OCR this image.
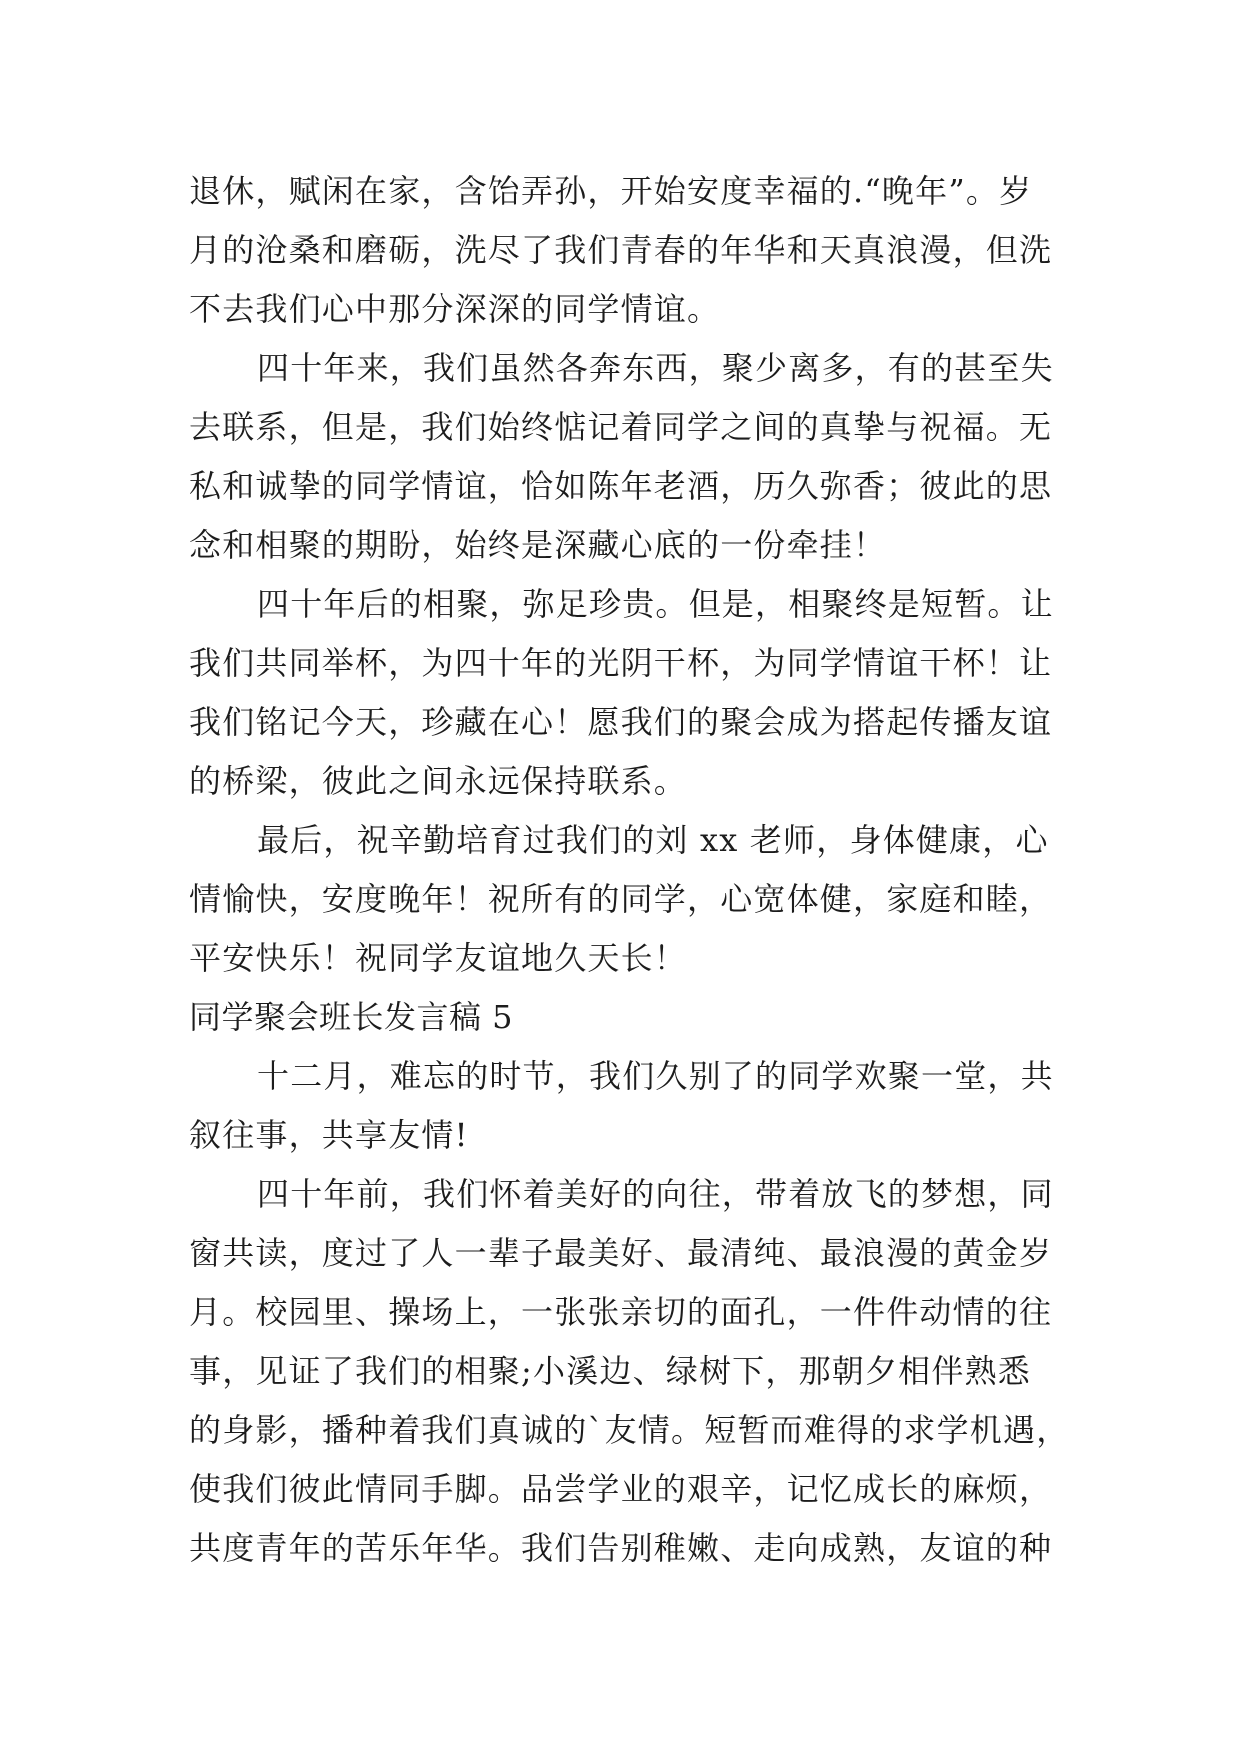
退休，赋闲在家，含饴弄孙，开始安度幸福的.“晚年”。岁
月的沧桑和磨砺，洗尽了我们青春的年华和天真浪漫，但洗
不去我们心中那分深深的同学情谊。
四十年来，我们虽然各奔东西，聚少离多，有的甚至失
去联系，但是，我们始终惦记着同学之间的真挚与祝福。无
私和诚挚的同学情谊，恰如陈年老酒，历久弥香；彼此的思
念和相聚的期盼，始终是深藏心底的一份牵挂！
四十年后的相聚，弥足珍贵。但是，相聚终是短暂。让
我们共同举杯，为四十年的光阴干杯，为同学情谊干杯！让
我们铭记今天，珍藏在心！愿我们的聚会成为搭起传播友谊
的桥梁，彼此之间永远保持联系。
最后，祝辛勤培育过我们的刘 xx 老师，身体健康，心
情愉快，安度晚年！祝所有的同学，心宽体健，家庭和睦，
平安快乐！祝同学友谊地久天长！
同学聚会班长发言稿 5
十二月，难忘的时节，我们久别了的同学欢聚一堂，共
叙往事，共享友情!
四十年前，我们怀着美好的向往，带着放飞的梦想，同
窗共读，度过了人一辈子最美好、最清纯、最浪漫的黄金岁
月。校园里、操场上，一张张亲切的面孔，一件件动情的往
事，见证了我们的相聚;小溪边、绿树下，那朝夕相伴熟悉
的身影，播种着我们真诚的`友情。短暂而难得的求学机遇，
使我们彼此情同手脚。品尝学业的艰辛，记忆成长的麻烦，
共度青年的苦乐年华。我们告别稚嫩、走向成熟，友谊的种
